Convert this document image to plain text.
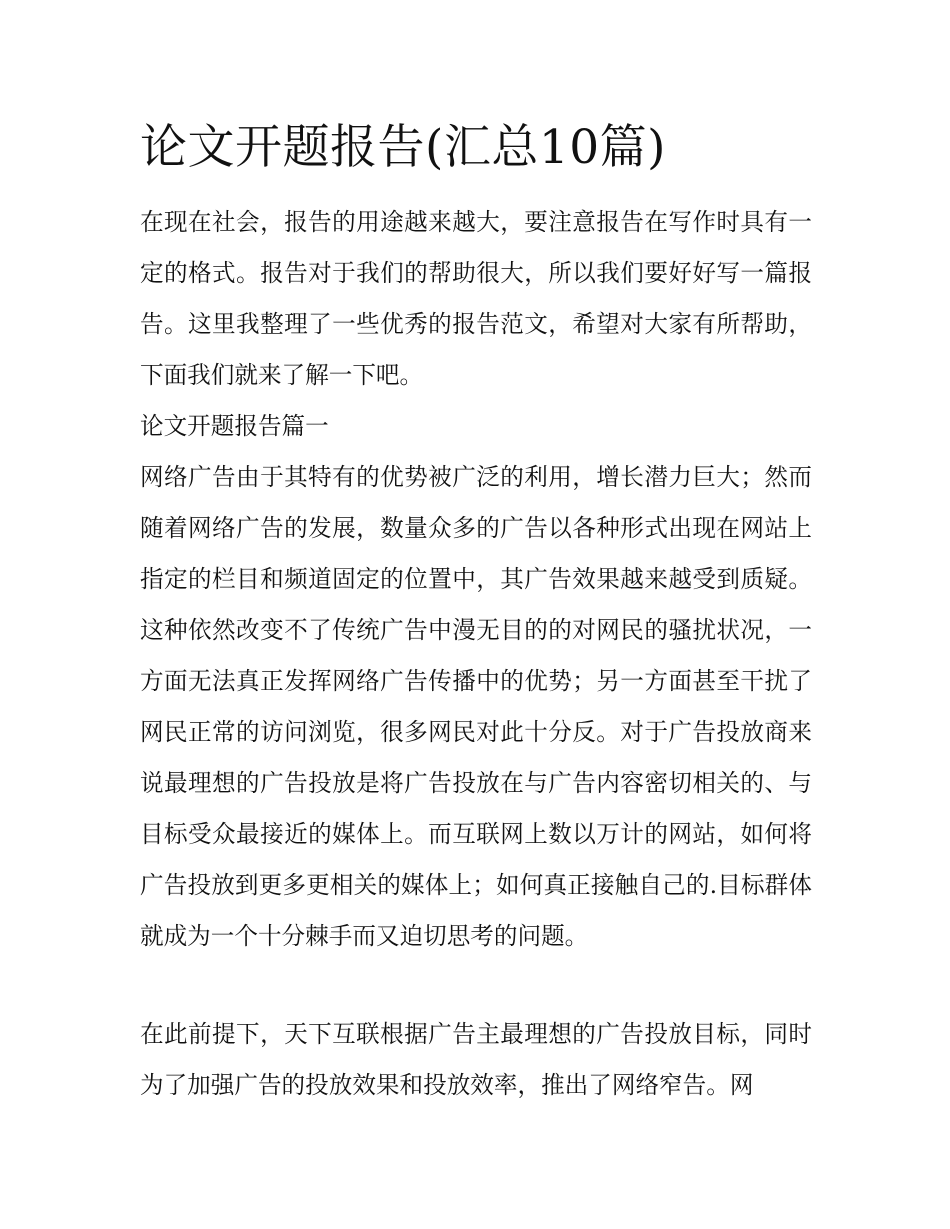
论文开题报告(汇总10篇)

在现在社会，报告的用途越来越大，要注意报告在写作时具有一定的格式。报告对于我们的帮助很大，所以我们要好好写一篇报告。这里我整理了一些优秀的报告范文，希望对大家有所帮助，下面我们就来了解一下吧。

论文开题报告篇一

网络广告由于其特有的优势被广泛的利用，增长潜力巨大；然而随着网络广告的发展，数量众多的广告以各种形式出现在网站上指定的栏目和频道固定的位置中，其广告效果越来越受到质疑。这种依然改变不了传统广告中漫无目的的对网民的骚扰状况，一方面无法真正发挥网络广告传播中的优势；另一方面甚至干扰了网民正常的访问浏览，很多网民对此十分反。对于广告投放商来说最理想的广告投放是将广告投放在与广告内容密切相关的、与目标受众最接近的媒体上。而互联网上数以万计的网站，如何将广告投放到更多更相关的媒体上；如何真正接触自己的.目标群体就成为一个十分棘手而又迫切思考的问题。

在此前提下，天下互联根据广告主最理想的广告投放目标，同时为了加强广告的投放效果和投放效率，推出了网络窄告。网
